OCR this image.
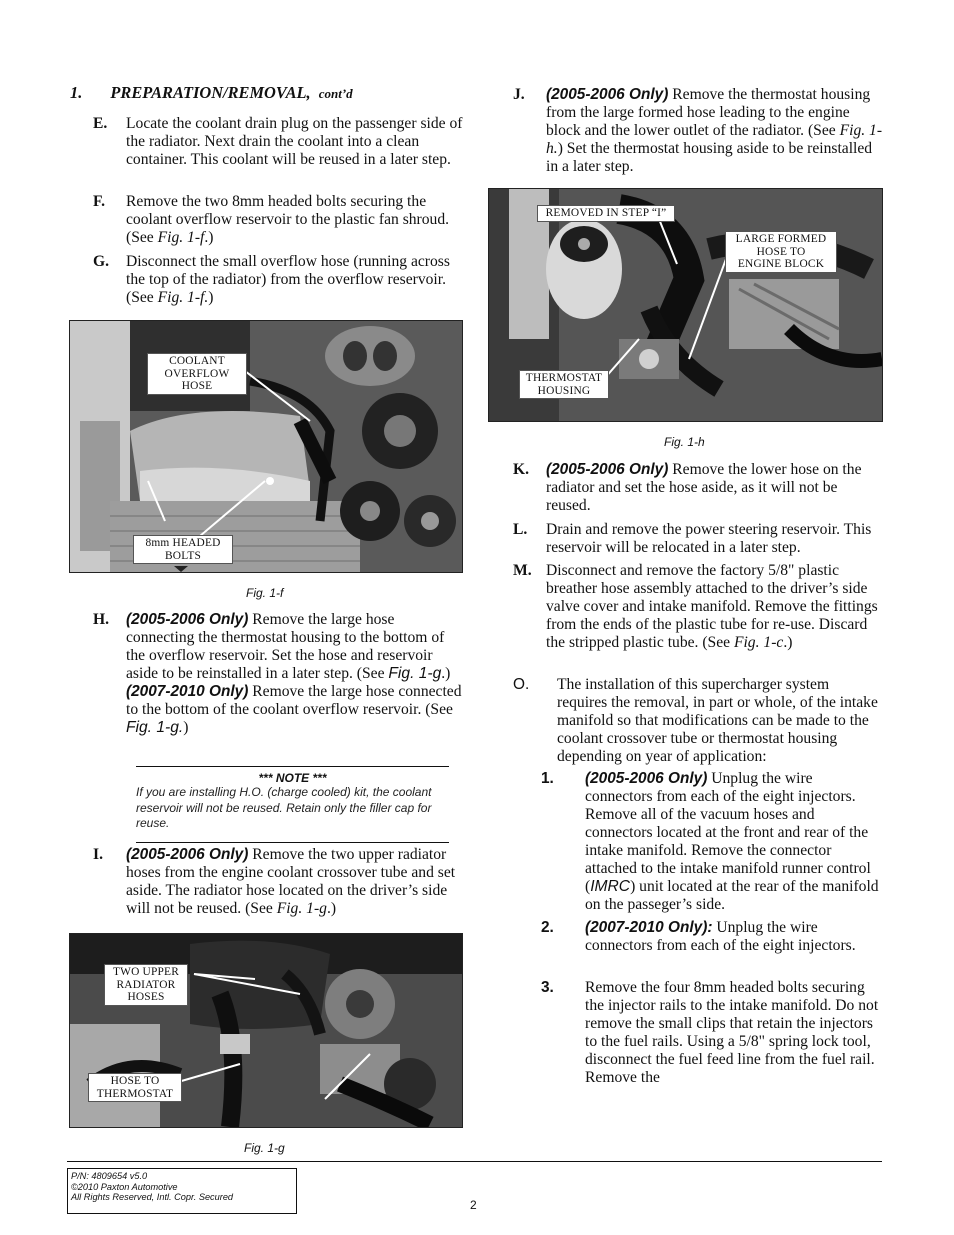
1. PREPARATION/REMOVAL, cont’d
E. Locate the coolant drain plug on the passenger side of the radiator. Next drain the coolant into a clean container. This coolant will be reused in a later step.
F. Remove the two 8mm headed bolts securing the coolant overflow reservoir to the plastic fan shroud. (See Fig. 1-f.)
G. Disconnect the small overflow hose (running across the top of the radiator) from the overflow reservoir. (See Fig. 1-f.)
COOLANT
OVERFLOW
HOSE
8mm HEADED
BOLTS
Fig. 1-f
H. (2005-2006 Only) Remove the large hose connecting the thermostat housing to the bottom of the overflow reservoir. Set the hose and reservoir aside to be reinstalled in a later step. (See Fig. 1-g.)
(2007-2010 Only) Remove the large hose connected to the bottom of the coolant overflow reservoir. (See Fig. 1-g.)
*** NOTE ***
If you are installing H.O. (charge cooled) kit, the coolant reservoir will not be reused. Retain only the filler cap for reuse.
I. (2005-2006 Only) Remove the two upper radiator hoses from the engine coolant crossover tube and set aside. The radiator hose located on the driver’s side will not be reused. (See Fig. 1-g.)
TWO UPPER
RADIATOR
HOSES
HOSE TO
THERMOSTAT
Fig. 1-g
J. (2005-2006 Only) Remove the thermostat housing from the large formed hose leading to the engine block and the lower outlet of the radiator. (See Fig. 1-h.) Set the thermostat housing aside to be reinstalled in a later step.
REMOVED IN STEP “I”
LARGE FORMED
HOSE TO
ENGINE BLOCK
THERMOSTAT
HOUSING
Fig. 1-h
K. (2005-2006 Only) Remove the lower hose on the radiator and set the hose aside, as it will not be reused.
L. Drain and remove the power steering reservoir. This reservoir will be relocated in a later step.
M. Disconnect and remove the factory 5/8" plastic breather hose assembly attached to the driver’s side valve cover and intake manifold. Remove the fittings from the ends of the plastic tube for re-use. Discard the stripped plastic tube. (See Fig. 1-c.)
O. The installation of this supercharger system requires the removal, in part or whole, of the intake manifold so that modifications can be made to the coolant crossover tube or thermostat housing depending on year of application:
1. (2005-2006 Only) Unplug the wire connectors from each of the eight injectors. Remove all of the vacuum hoses and connectors located at the front and rear of the intake manifold. Remove the connector attached to the intake manifold runner control (IMRC) unit located at the rear of the manifold on the passeger’s side.
2. (2007-2010 Only): Unplug the wire connectors from each of the eight injectors.
3. Remove the four 8mm headed bolts securing the injector rails to the intake manifold. Do not remove the small clips that retain the injectors to the fuel rails. Using a 5/8" spring lock tool, disconnect the fuel feed line from the fuel rail. Remove the
P/N: 4809654 v5.0
©2010 Paxton Automotive
All Rights Reserved, Intl. Copr. Secured
2
